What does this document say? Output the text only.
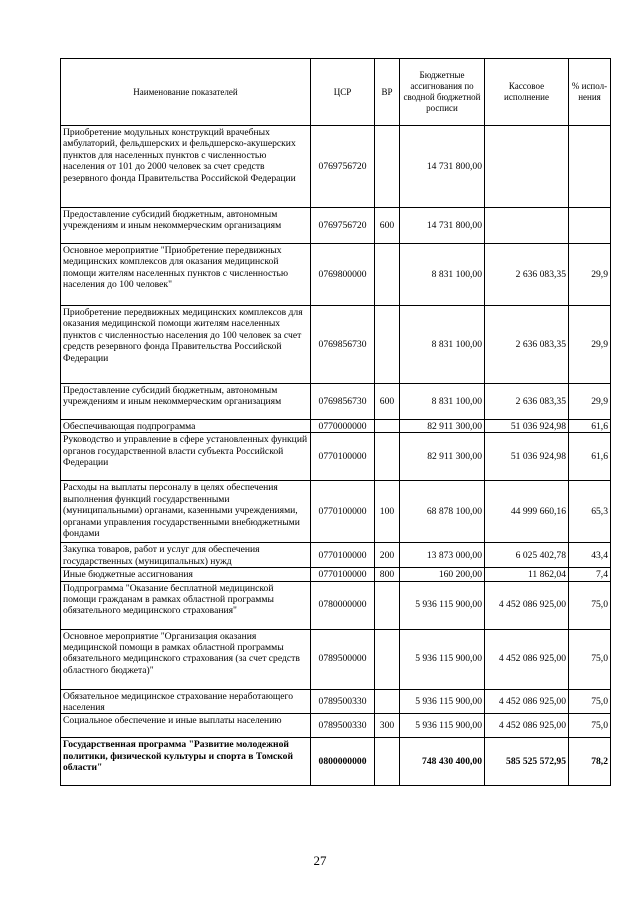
Наименование показателей	ЦСР	ВР	Бюджетные ассигнования по сводной бюджетной росписи	Кассовое исполнение	% испол-нения
Приобретение модульных конструкций врачебных амбулаторий, фельдшерских и фельдшерско-акушерских пунктов для населенных пунктов с численностью населения от 101 до 2000 человек за счет средств резервного фонда Правительства Российской Федерации	0769756720		14 731 800,00		
Предоставление субсидий бюджетным, автономным учреждениям и иным некоммерческим организациям	0769756720	600	14 731 800,00		
Основное мероприятие "Приобретение передвижных медицинских комплексов для оказания медицинской помощи жителям населенных пунктов с численностью населения до 100 человек"	0769800000		8 831 100,00	2 636 083,35	29,9
Приобретение передвижных медицинских комплексов для оказания медицинской помощи жителям населенных пунктов с численностью населения до 100 человек за счет средств резервного фонда Правительства Российской Федерации	0769856730		8 831 100,00	2 636 083,35	29,9
Предоставление субсидий бюджетным, автономным учреждениям и иным некоммерческим организациям	0769856730	600	8 831 100,00	2 636 083,35	29,9
Обеспечивающая подпрограмма	0770000000		82 911 300,00	51 036 924,98	61,6
Руководство и управление в сфере установленных функций органов государственной власти субъекта Российской Федерации	0770100000		82 911 300,00	51 036 924,98	61,6
Расходы на выплаты персоналу в целях обеспечения выполнения функций государственными (муниципальными) органами, казенными учреждениями, органами управления государственными внебюджетными фондами	0770100000	100	68 878 100,00	44 999 660,16	65,3
Закупка товаров, работ и услуг для обеспечения государственных (муниципальных) нужд	0770100000	200	13 873 000,00	6 025 402,78	43,4
Иные бюджетные ассигнования	0770100000	800	160 200,00	11 862,04	7,4
Подпрограмма "Оказание бесплатной медицинской помощи гражданам в рамках областной программы обязательного медицинского страхования"	0780000000		5 936 115 900,00	4 452 086 925,00	75,0
Основное мероприятие "Организация оказания медицинской помощи в рамках областной программы обязательного медицинского страхования (за счет средств областного бюджета)"	0789500000		5 936 115 900,00	4 452 086 925,00	75,0
Обязательное медицинское страхование неработающего населения	0789500330		5 936 115 900,00	4 452 086 925,00	75,0
Социальное обеспечение и иные выплаты населению	0789500330	300	5 936 115 900,00	4 452 086 925,00	75,0
Государственная программа "Развитие молодежной политики, физической культуры и спорта в Томской области"	0800000000		748 430 400,00	585 525 572,95	78,2
27
